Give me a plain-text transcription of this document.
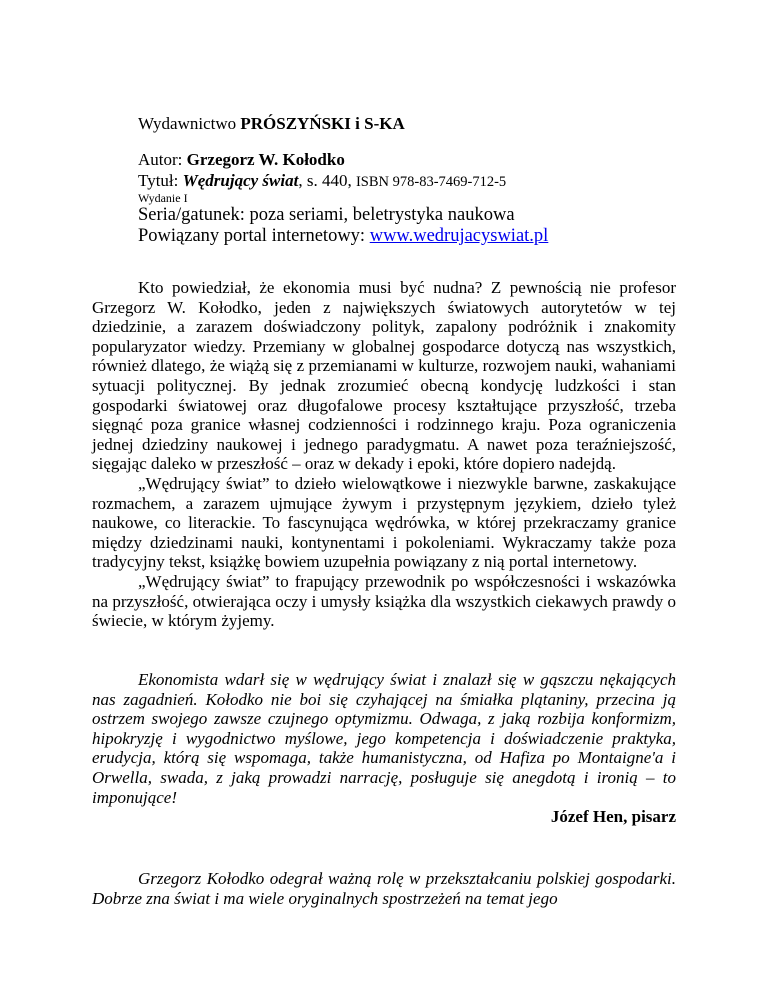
Wydawnictwo PRÓSZYŃSKI i S-KA
Autor: Grzegorz W. Kołodko
Tytuł: Wędrujący świat, s. 440, ISBN 978-83-7469-712-5
Wydanie I
Seria/gatunek: poza seriami, beletrystyka naukowa
Powiązany portal internetowy: www.wedrujacyswiat.pl

Kto powiedział, że ekonomia musi być nudna? Z pewnością nie profesor Grzegorz W. Kołodko, jeden z największych światowych autorytetów w tej dziedzinie, a zarazem doświadczony polityk, zapalony podróżnik i znakomity popularyzator wiedzy. Przemiany w globalnej gospodarce dotyczą nas wszystkich, również dlatego, że wiążą się z przemianami w kulturze, rozwojem nauki, wahaniami sytuacji politycznej. By jednak zrozumieć obecną kondycję ludzkości i stan gospodarki światowej oraz długofalowe procesy kształtujące przyszłość, trzeba sięgnąć poza granice własnej codzienności i rodzinnego kraju. Poza ograniczenia jednej dziedziny naukowej i jednego paradygmatu. A nawet poza teraźniejszość, sięgając daleko w przeszłość – oraz w dekady i epoki, które dopiero nadejdą.

„Wędrujący świat” to dzieło wielowątkowe i niezwykle barwne, zaskakujące rozmachem, a zarazem ujmujące żywym i przystępnym językiem, dzieło tyleż naukowe, co literackie. To fascynująca wędrówka, w której przekraczamy granice między dziedzinami nauki, kontynentami i pokoleniami. Wykraczamy także poza tradycyjny tekst, książkę bowiem uzupełnia powiązany z nią portal internetowy.

„Wędrujący świat” to frapujący przewodnik po współczesności i wskazówka na przyszłość, otwierająca oczy i umysły książka dla wszystkich ciekawych prawdy o świecie, w którym żyjemy.

Ekonomista wdarł się w wędrujący świat i znalazł się w gąszczu nękających nas zagadnień. Kołodko nie boi się czyhającej na śmiałka plątaniny, przecina ją ostrzem swojego zawsze czujnego optymizmu. Odwaga, z jaką rozbija konformizm, hipokryzję i wygodnictwo myślowe, jego kompetencja i doświadczenie praktyka, erudycja, którą się wspomaga, także humanistyczna, od Hafiza po Montaigne'a i Orwella, swada, z jaką prowadzi narrację, posługuje się anegdotą i ironią – to imponujące!

Józef Hen, pisarz

Grzegorz Kołodko odegrał ważną rolę w przekształcaniu polskiej gospodarki. Dobrze zna świat i ma wiele oryginalnych spostrzeżeń na temat jego
